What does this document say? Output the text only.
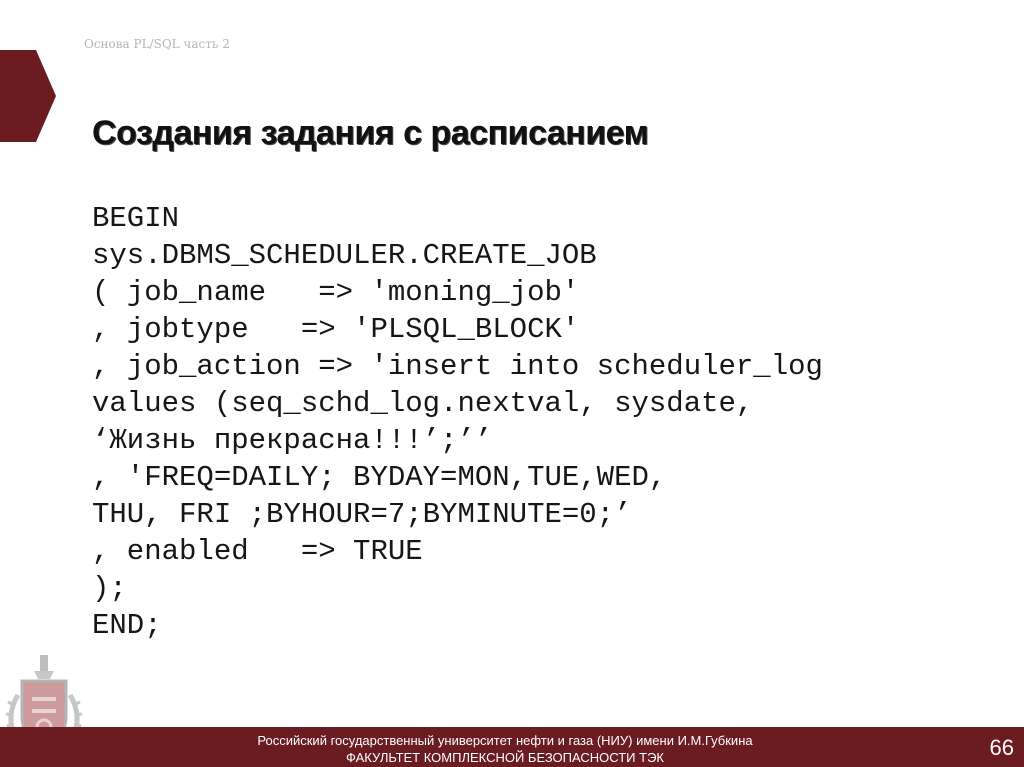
Основа PL/SQL часть 2
Создания задания с расписанием
BEGIN
sys.DBMS_SCHEDULER.CREATE_JOB
( job_name   => 'moning_job'
, jobtype   => 'PLSQL_BLOCK'
, job_action => 'insert into scheduler_log
values (seq_schd_log.nextval, sysdate,
‘Жизнь прекрасна!!!’;’’
, 'FREQ=DAILY; BYDAY=MON,TUE,WED,
THU, FRI ;BYHOUR=7;BYMINUTE=0;’
, enabled   => TRUE
);
END;
Российский государственный университет нефти и газа (НИУ) имени И.М.Губкина
ФАКУЛЬТЕТ КОМПЛЕКСНОЙ БЕЗОПАСНОСТИ ТЭК	66
